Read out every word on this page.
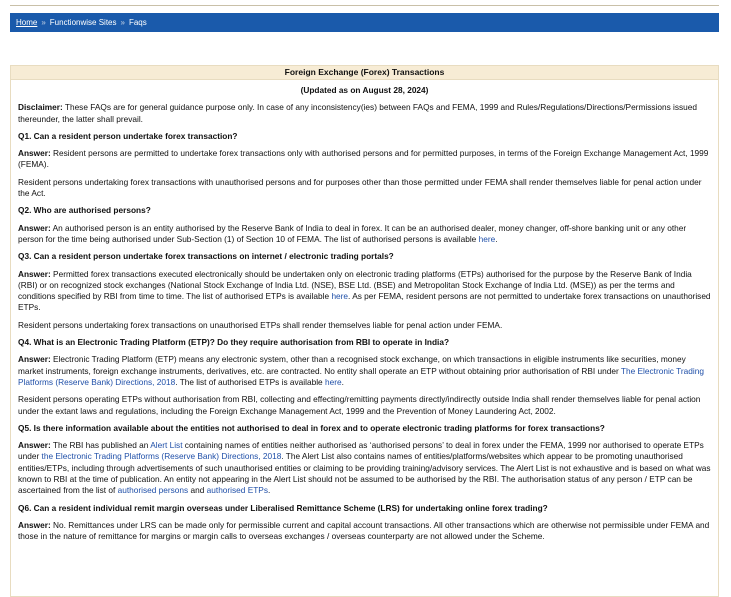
Home » Functionwise Sites » Faqs
Foreign Exchange (Forex) Transactions
(Updated as on August 28, 2024)

Disclaimer: These FAQs are for general guidance purpose only. In case of any inconsistency(ies) between FAQs and FEMA, 1999 and Rules/Regulations/Directions/Permissions issued thereunder, the latter shall prevail.

Q1. Can a resident person undertake forex transaction?

Answer: Resident persons are permitted to undertake forex transactions only with authorised persons and for permitted purposes, in terms of the Foreign Exchange Management Act, 1999 (FEMA).

Resident persons undertaking forex transactions with unauthorised persons and for purposes other than those permitted under FEMA shall render themselves liable for penal action under the Act.

Q2. Who are authorised persons?

Answer: An authorised person is an entity authorised by the Reserve Bank of India to deal in forex. It can be an authorised dealer, money changer, off-shore banking unit or any other person for the time being authorised under Sub-Section (1) of Section 10 of FEMA. The list of authorised persons is available here.

Q3. Can a resident person undertake forex transactions on internet / electronic trading portals?

Answer: Permitted forex transactions executed electronically should be undertaken only on electronic trading platforms (ETPs) authorised for the purpose by the Reserve Bank of India (RBI) or on recognized stock exchanges (National Stock Exchange of India Ltd. (NSE), BSE Ltd. (BSE) and Metropolitan Stock Exchange of India Ltd. (MSE)) as per the terms and conditions specified by RBI from time to time. The list of authorised ETPs is available here. As per FEMA, resident persons are not permitted to undertake forex transactions on unauthorised ETPs.

Resident persons undertaking forex transactions on unauthorised ETPs shall render themselves liable for penal action under FEMA.

Q4. What is an Electronic Trading Platform (ETP)? Do they require authorisation from RBI to operate in India?

Answer: Electronic Trading Platform (ETP) means any electronic system, other than a recognised stock exchange, on which transactions in eligible instruments like securities, money market instruments, foreign exchange instruments, derivatives, etc. are contracted. No entity shall operate an ETP without obtaining prior authorisation of RBI under The Electronic Trading Platforms (Reserve Bank) Directions, 2018. The list of authorised ETPs is available here.

Resident persons operating ETPs without authorisation from RBI, collecting and effecting/remitting payments directly/indirectly outside India shall render themselves liable for penal action under the extant laws and regulations, including the Foreign Exchange Management Act, 1999 and the Prevention of Money Laundering Act, 2002.

Q5. Is there information available about the entities not authorised to deal in forex and to operate electronic trading platforms for forex transactions?

Answer: The RBI has published an Alert List containing names of entities neither authorised as ‘authorised persons’ to deal in forex under the FEMA, 1999 nor authorised to operate ETPs under the Electronic Trading Platforms (Reserve Bank) Directions, 2018. The Alert List also contains names of entities/platforms/websites which appear to be promoting unauthorised entities/ETPs, including through advertisements of such unauthorised entities or claiming to be providing training/advisory services. The Alert List is not exhaustive and is based on what was known to RBI at the time of publication. An entity not appearing in the Alert List should not be assumed to be authorised by the RBI. The authorisation status of any person / ETP can be ascertained from the list of authorised persons and authorised ETPs.

Q6. Can a resident individual remit margin overseas under Liberalised Remittance Scheme (LRS) for undertaking online forex trading?

Answer: No. Remittances under LRS can be made only for permissible current and capital account transactions. All other transactions which are otherwise not permissible under FEMA and those in the nature of remittance for margins or margin calls to overseas exchanges / overseas counterparty are not allowed under the Scheme.
